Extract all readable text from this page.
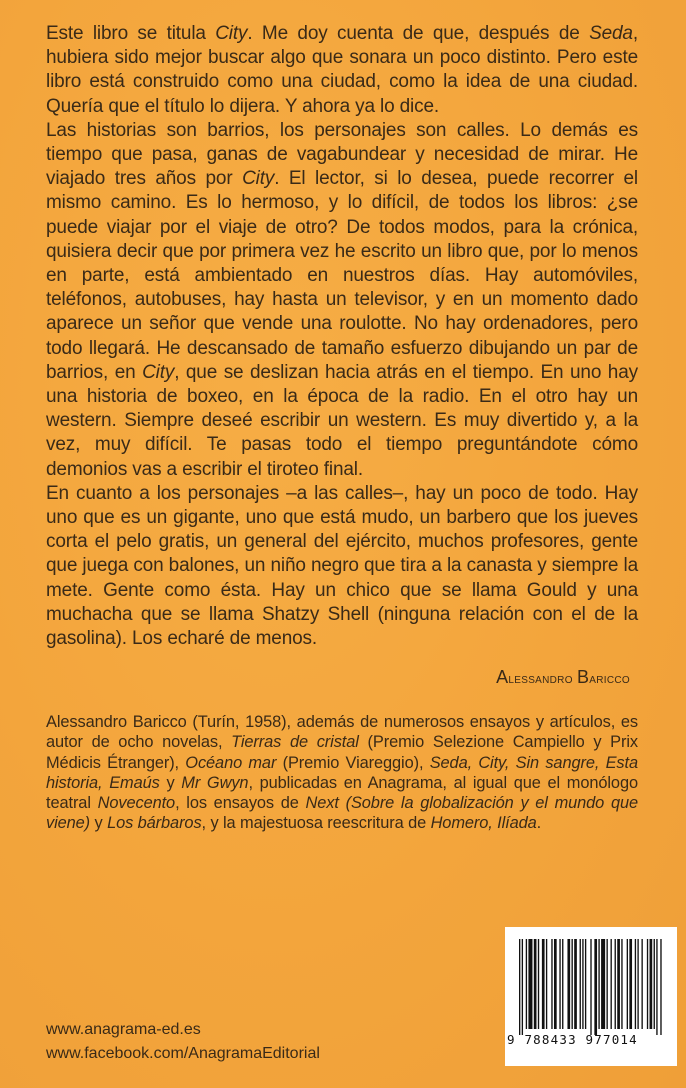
Este libro se titula City. Me doy cuenta de que, después de Seda, hubiera sido mejor buscar algo que sonara un poco distinto. Pero este libro está construido como una ciudad, como la idea de una ciudad. Quería que el título lo dijera. Y ahora ya lo dice.

Las historias son barrios, los personajes son calles. Lo demás es tiempo que pasa, ganas de vagabundear y necesidad de mirar. He viajado tres años por City. El lector, si lo desea, puede recorrer el mismo camino. Es lo hermoso, y lo difícil, de todos los libros: ¿se puede viajar por el viaje de otro? De todos modos, para la crónica, quisiera decir que por primera vez he escrito un libro que, por lo menos en parte, está ambientado en nuestros días. Hay automóviles, teléfonos, autobuses, hay hasta un televisor, y en un momento dado aparece un señor que vende una roulotte. No hay ordenadores, pero todo llegará. He descansado de tamaño esfuerzo dibujando un par de barrios, en City, que se deslizan hacia atrás en el tiempo. En uno hay una historia de boxeo, en la época de la radio. En el otro hay un western. Siempre deseé escribir un western. Es muy divertido y, a la vez, muy difícil. Te pasas todo el tiempo preguntándote cómo demonios vas a escribir el tiroteo final.

En cuanto a los personajes –a las calles–, hay un poco de todo. Hay uno que es un gigante, uno que está mudo, un barbero que los jueves corta el pelo gratis, un general del ejército, muchos profesores, gente que juega con balones, un niño negro que tira a la canasta y siempre la mete. Gente como ésta. Hay un chico que se llama Gould y una muchacha que se llama Shatzy Shell (ninguna relación con el de la gasolina). Los echaré de menos.

Alessandro Baricco

Alessandro Baricco (Turín, 1958), además de numerosos ensayos y artículos, es autor de ocho novelas, Tierras de cristal (Premio Selezione Campiello y Prix Médicis Étranger), Océano mar (Premio Viareggio), Seda, City, Sin sangre, Esta historia, Emaús y Mr Gwyn, publicadas en Anagrama, al igual que el monólogo teatral Novecento, los ensayos de Next (Sobre la globalización y el mundo que viene) y Los bárbaros, y la majestuosa reescritura de Homero, Ilíada.

www.anagrama-ed.es
www.facebook.com/AnagramaEditorial
9 788433 977014
